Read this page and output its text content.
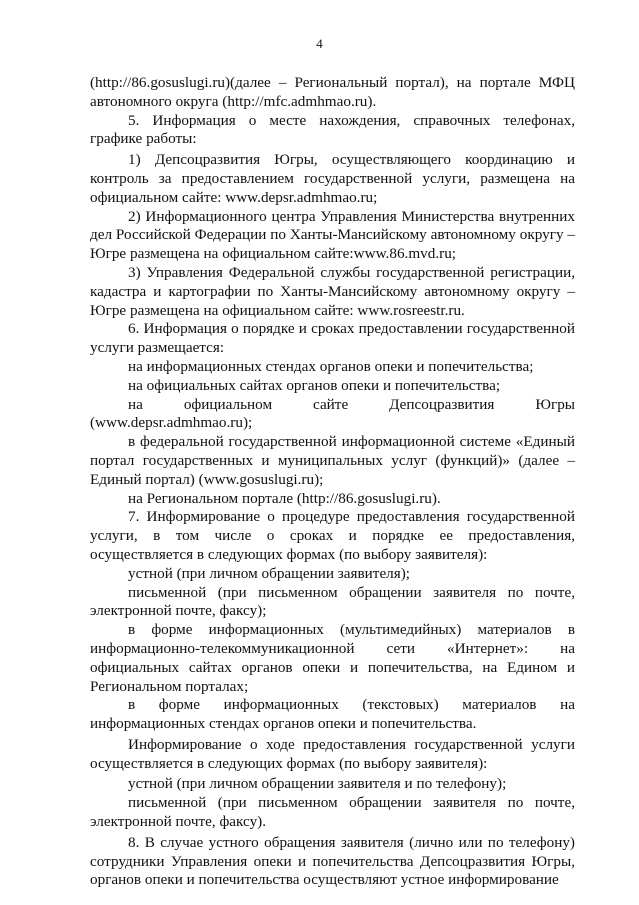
4

(http://86.gosuslugi.ru)(далее – Региональный портал), на портале МФЦ автономного округа (http://mfc.admhmao.ru).

5. Информация о месте нахождения, справочных телефонах, графике работы:

1) Депсоцразвития Югры, осуществляющего координацию и контроль за предоставлением государственной услуги, размещена на официальном сайте: www.depsr.admhmao.ru;

2) Информационного центра Управления Министерства внутренних дел Российской Федерации по Ханты-Мансийскому автономному округу – Югре размещена на официальном сайте:www.86.mvd.ru;

3) Управления Федеральной службы государственной регистрации, кадастра и картографии по Ханты-Мансийскому автономному округу – Югре размещена на официальном сайте: www.rosreestr.ru.

6. Информация о порядке и сроках предоставлении государственной услуги размещается:

на информационных стендах органов опеки и попечительства;

на официальных сайтах органов опеки и попечительства;

на официальном сайте Депсоцразвития Югры (www.depsr.admhmao.ru);

в федеральной государственной информационной системе «Единый портал государственных и муниципальных услуг (функций)» (далее – Единый портал) (www.gosuslugi.ru);

на Региональном портале (http://86.gosuslugi.ru).

7. Информирование о процедуре предоставления государственной услуги, в том числе о сроках и порядке ее предоставления, осуществляется в следующих формах (по выбору заявителя):

устной (при личном обращении заявителя);

письменной (при письменном обращении заявителя по почте, электронной почте, факсу);

в форме информационных (мультимедийных) материалов в информационно-телекоммуникационной сети «Интернет»: на официальных сайтах органов опеки и попечительства, на Едином и Региональном порталах;

в форме информационных (текстовых) материалов на информационных стендах органов опеки и попечительства.

Информирование о ходе предоставления государственной услуги осуществляется в следующих формах (по выбору заявителя):

устной (при личном обращении заявителя и по телефону);

письменной (при письменном обращении заявителя по почте, электронной почте, факсу).

8. В случае устного обращения заявителя (лично или по телефону) сотрудники Управления опеки и попечительства Депсоцразвития Югры, органов опеки и попечительства осуществляют устное информирование
